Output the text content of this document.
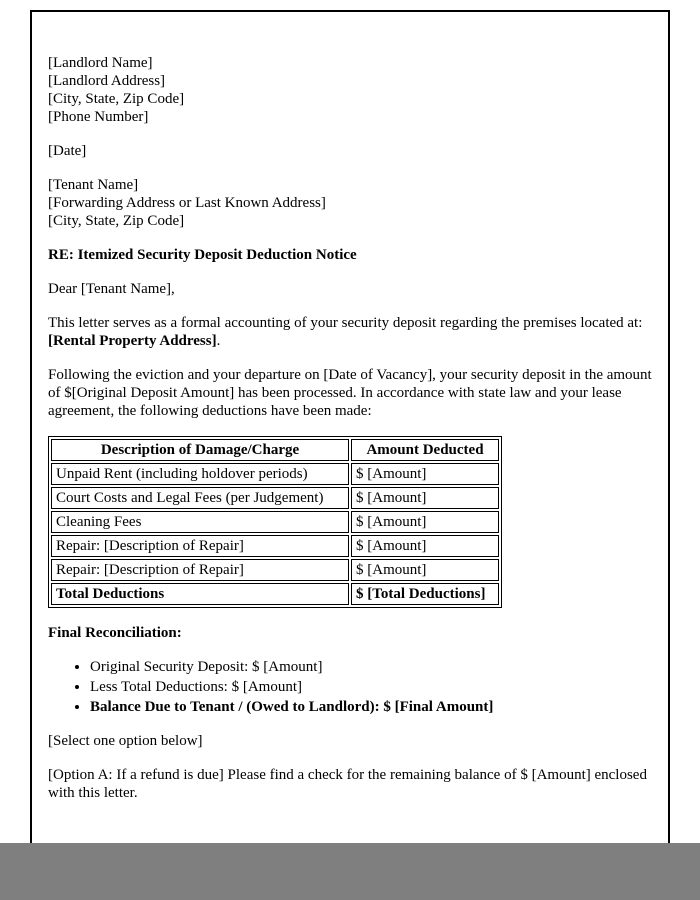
[Landlord Name]
[Landlord Address]
[City, State, Zip Code]
[Phone Number]

[Date]

[Tenant Name]
[Forwarding Address or Last Known Address]
[City, State, Zip Code]

RE: Itemized Security Deposit Deduction Notice

Dear [Tenant Name],

This letter serves as a formal accounting of your security deposit regarding the premises located at: [Rental Property Address].

Following the eviction and your departure on [Date of Vacancy], your security deposit in the amount of $[Original Deposit Amount] has been processed. In accordance with state law and your lease agreement, the following deductions have been made:

Description of Damage/Charge	Amount Deducted
Unpaid Rent (including holdover periods)	$ [Amount]
Court Costs and Legal Fees (per Judgement)	$ [Amount]
Cleaning Fees	$ [Amount]
Repair: [Description of Repair]	$ [Amount]
Repair: [Description of Repair]	$ [Amount]
Total Deductions	$ [Total Deductions]

Final Reconciliation:

• Original Security Deposit: $ [Amount]
• Less Total Deductions: $ [Amount]
• Balance Due to Tenant / (Owed to Landlord): $ [Final Amount]

[Select one option below]

[Option A: If a refund is due] Please find a check for the remaining balance of $ [Amount] enclosed with this letter.
